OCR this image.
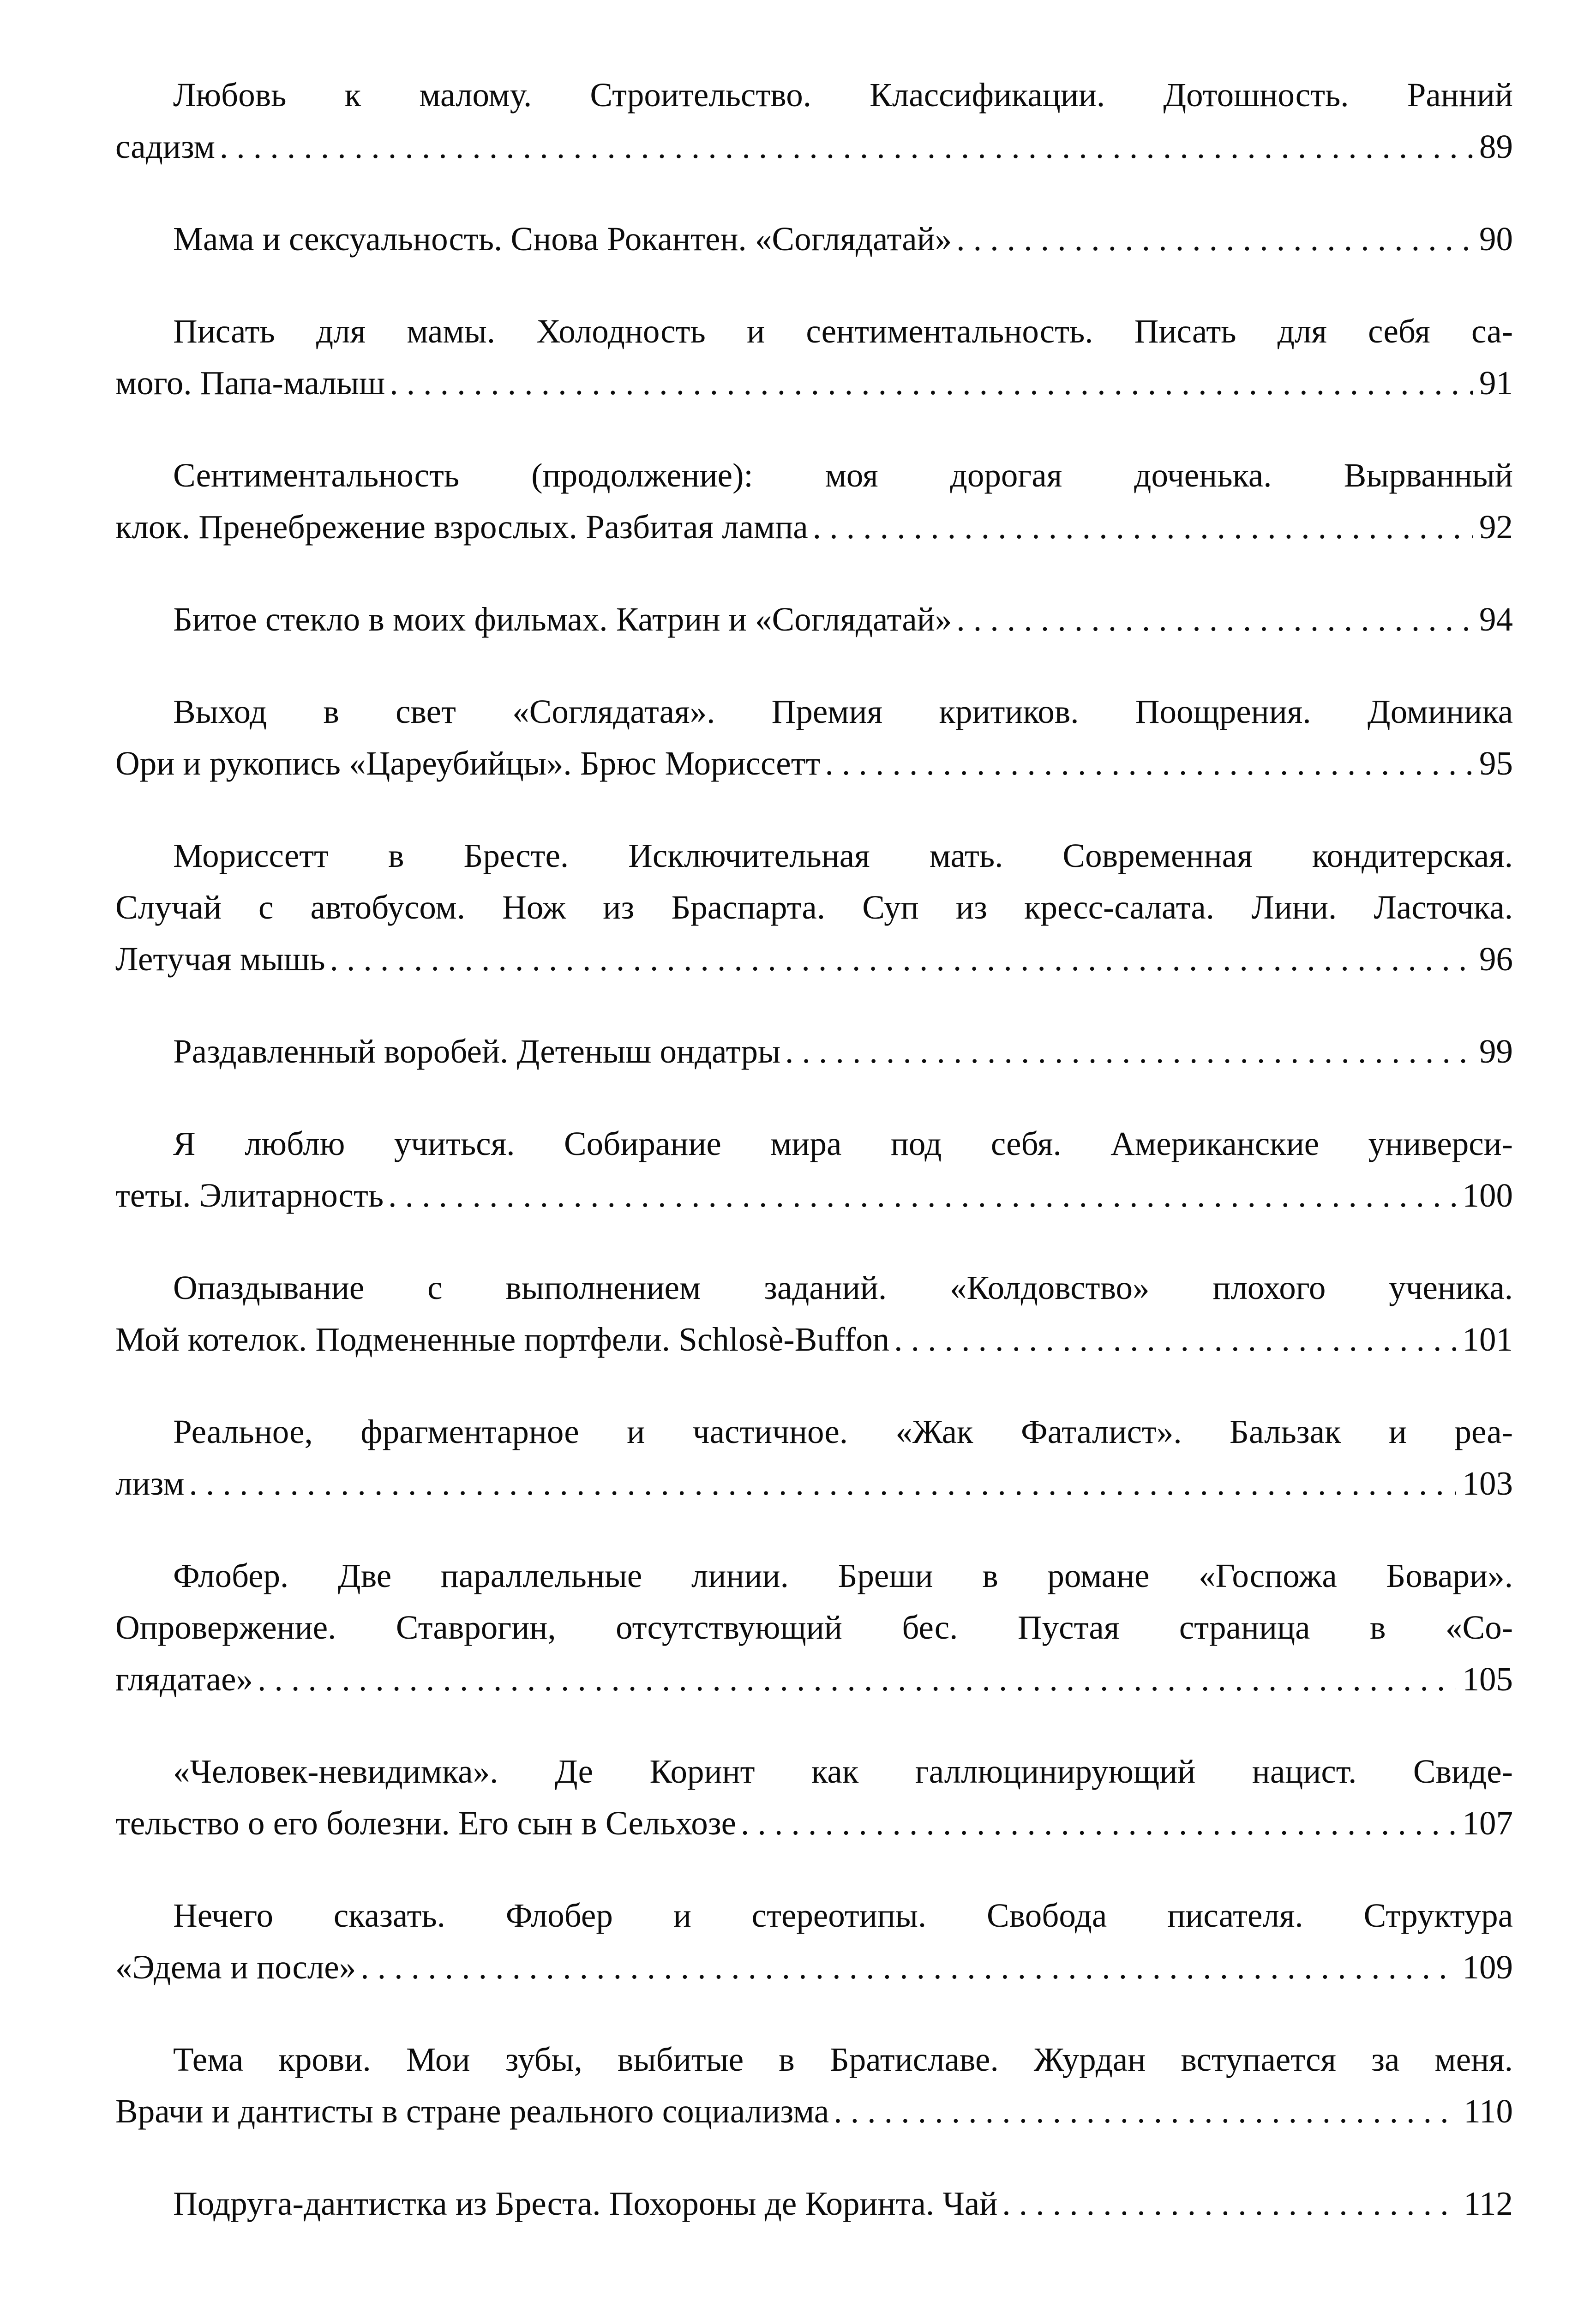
Любовь к малому. Строительство. Классификации. Дотошность. Ранний
садизм . . .	89
Мама и сексуальность. Снова Рокантен. «Соглядатай» . . .	90
Писать для мамы. Холодность и сентиментальность. Писать для себя са-
мого. Папа-малыш . . .	91
Сентиментальность (продолжение): моя дорогая доченька. Вырванный
клок. Пренебрежение взрослых. Разбитая лампа . . .	92
Битое стекло в моих фильмах. Катрин и «Соглядатай» . . .	94
Выход в свет «Соглядатая». Премия критиков. Поощрения. Доминика
Ори и рукопись «Цареубийцы». Брюс Мориссетт . . .	95
Мориссетт в Бресте. Исключительная мать. Современная кондитерская.
Случай с автобусом. Нож из Браспарта. Суп из кресс-салата. Лини. Ласточка.
Летучая мышь . . .	96
Раздавленный воробей. Детеныш ондатры . . .	99
Я люблю учиться. Собирание мира под себя. Американские универси-
теты. Элитарность . . .	100
Опаздывание с выполнением заданий. «Колдовство» плохого ученика.
Мой котелок. Подмененные портфели. Schlosè-Buffon . . .	101
Реальное, фрагментарное и частичное. «Жак Фаталист». Бальзак и реа-
лизм . . .	103
Флобер. Две параллельные линии. Бреши в романе «Госпожа Бовари».
Опровержение. Ставрогин, отсутствующий бес. Пустая страница в «Со-
глядатае» . . .	105
«Человек-невидимка». Де Коринт как галлюцинирующий нацист. Свиде-
тельство о его болезни. Его сын в Сельхозе . . .	107
Нечего сказать. Флобер и стереотипы. Свобода писателя. Структура
«Эдема и после» . . .	109
Тема крови. Мои зубы, выбитые в Братиславе. Журдан вступается за меня.
Врачи и дантисты в стране реального социализма . . .	110
Подруга-дантистка из Бреста. Похороны де Коринта. Чай . . .	112
